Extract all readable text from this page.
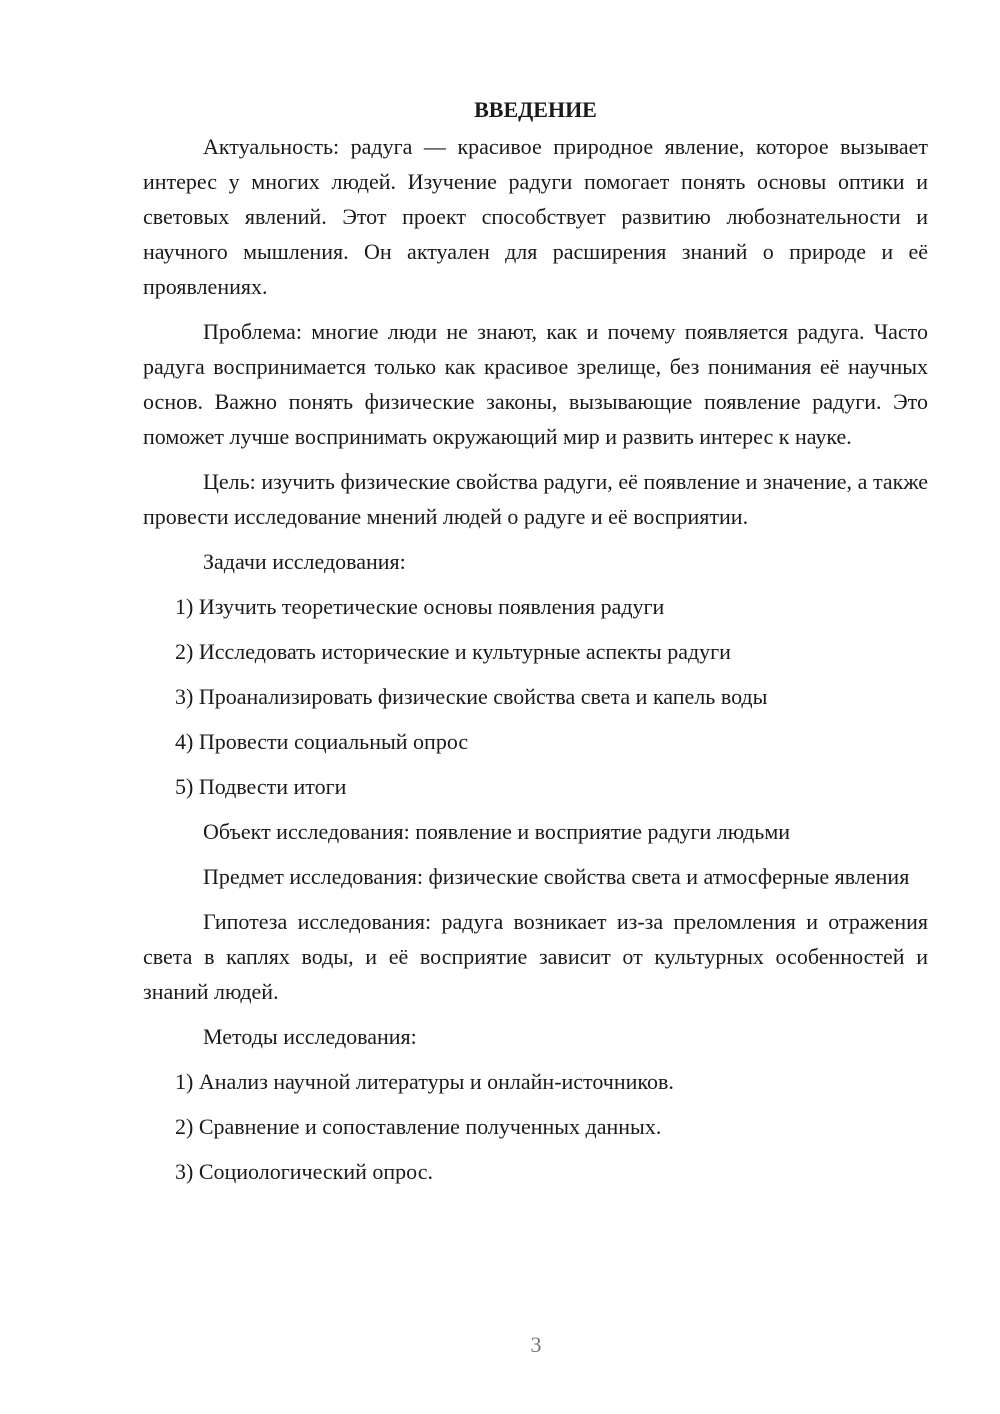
ВВЕДЕНИЕ
Актуальность: радуга — красивое природное явление, которое вызывает интерес у многих людей. Изучение радуги помогает понять основы оптики и световых явлений. Этот проект способствует развитию любознательности и научного мышления. Он актуален для расширения знаний о природе и её проявлениях.
Проблема: многие люди не знают, как и почему появляется радуга. Часто радуга воспринимается только как красивое зрелище, без понимания её научных основ. Важно понять физические законы, вызывающие появление радуги. Это поможет лучше воспринимать окружающий мир и развить интерес к науке.
Цель: изучить физические свойства радуги, её появление и значение, а также провести исследование мнений людей о радуге и её восприятии.
Задачи исследования:
1) Изучить теоретические основы появления радуги
2) Исследовать исторические и культурные аспекты радуги
3) Проанализировать физические свойства света и капель воды
4) Провести социальный опрос
5) Подвести итоги
Объект исследования: появление и восприятие радуги людьми
Предмет исследования: физические свойства света и атмосферные явления
Гипотеза исследования: радуга возникает из-за преломления и отражения света в каплях воды, и её восприятие зависит от культурных особенностей и знаний людей.
Методы исследования:
1) Анализ научной литературы и онлайн-источников.
2) Сравнение и сопоставление полученных данных.
3) Социологический опрос.
3
